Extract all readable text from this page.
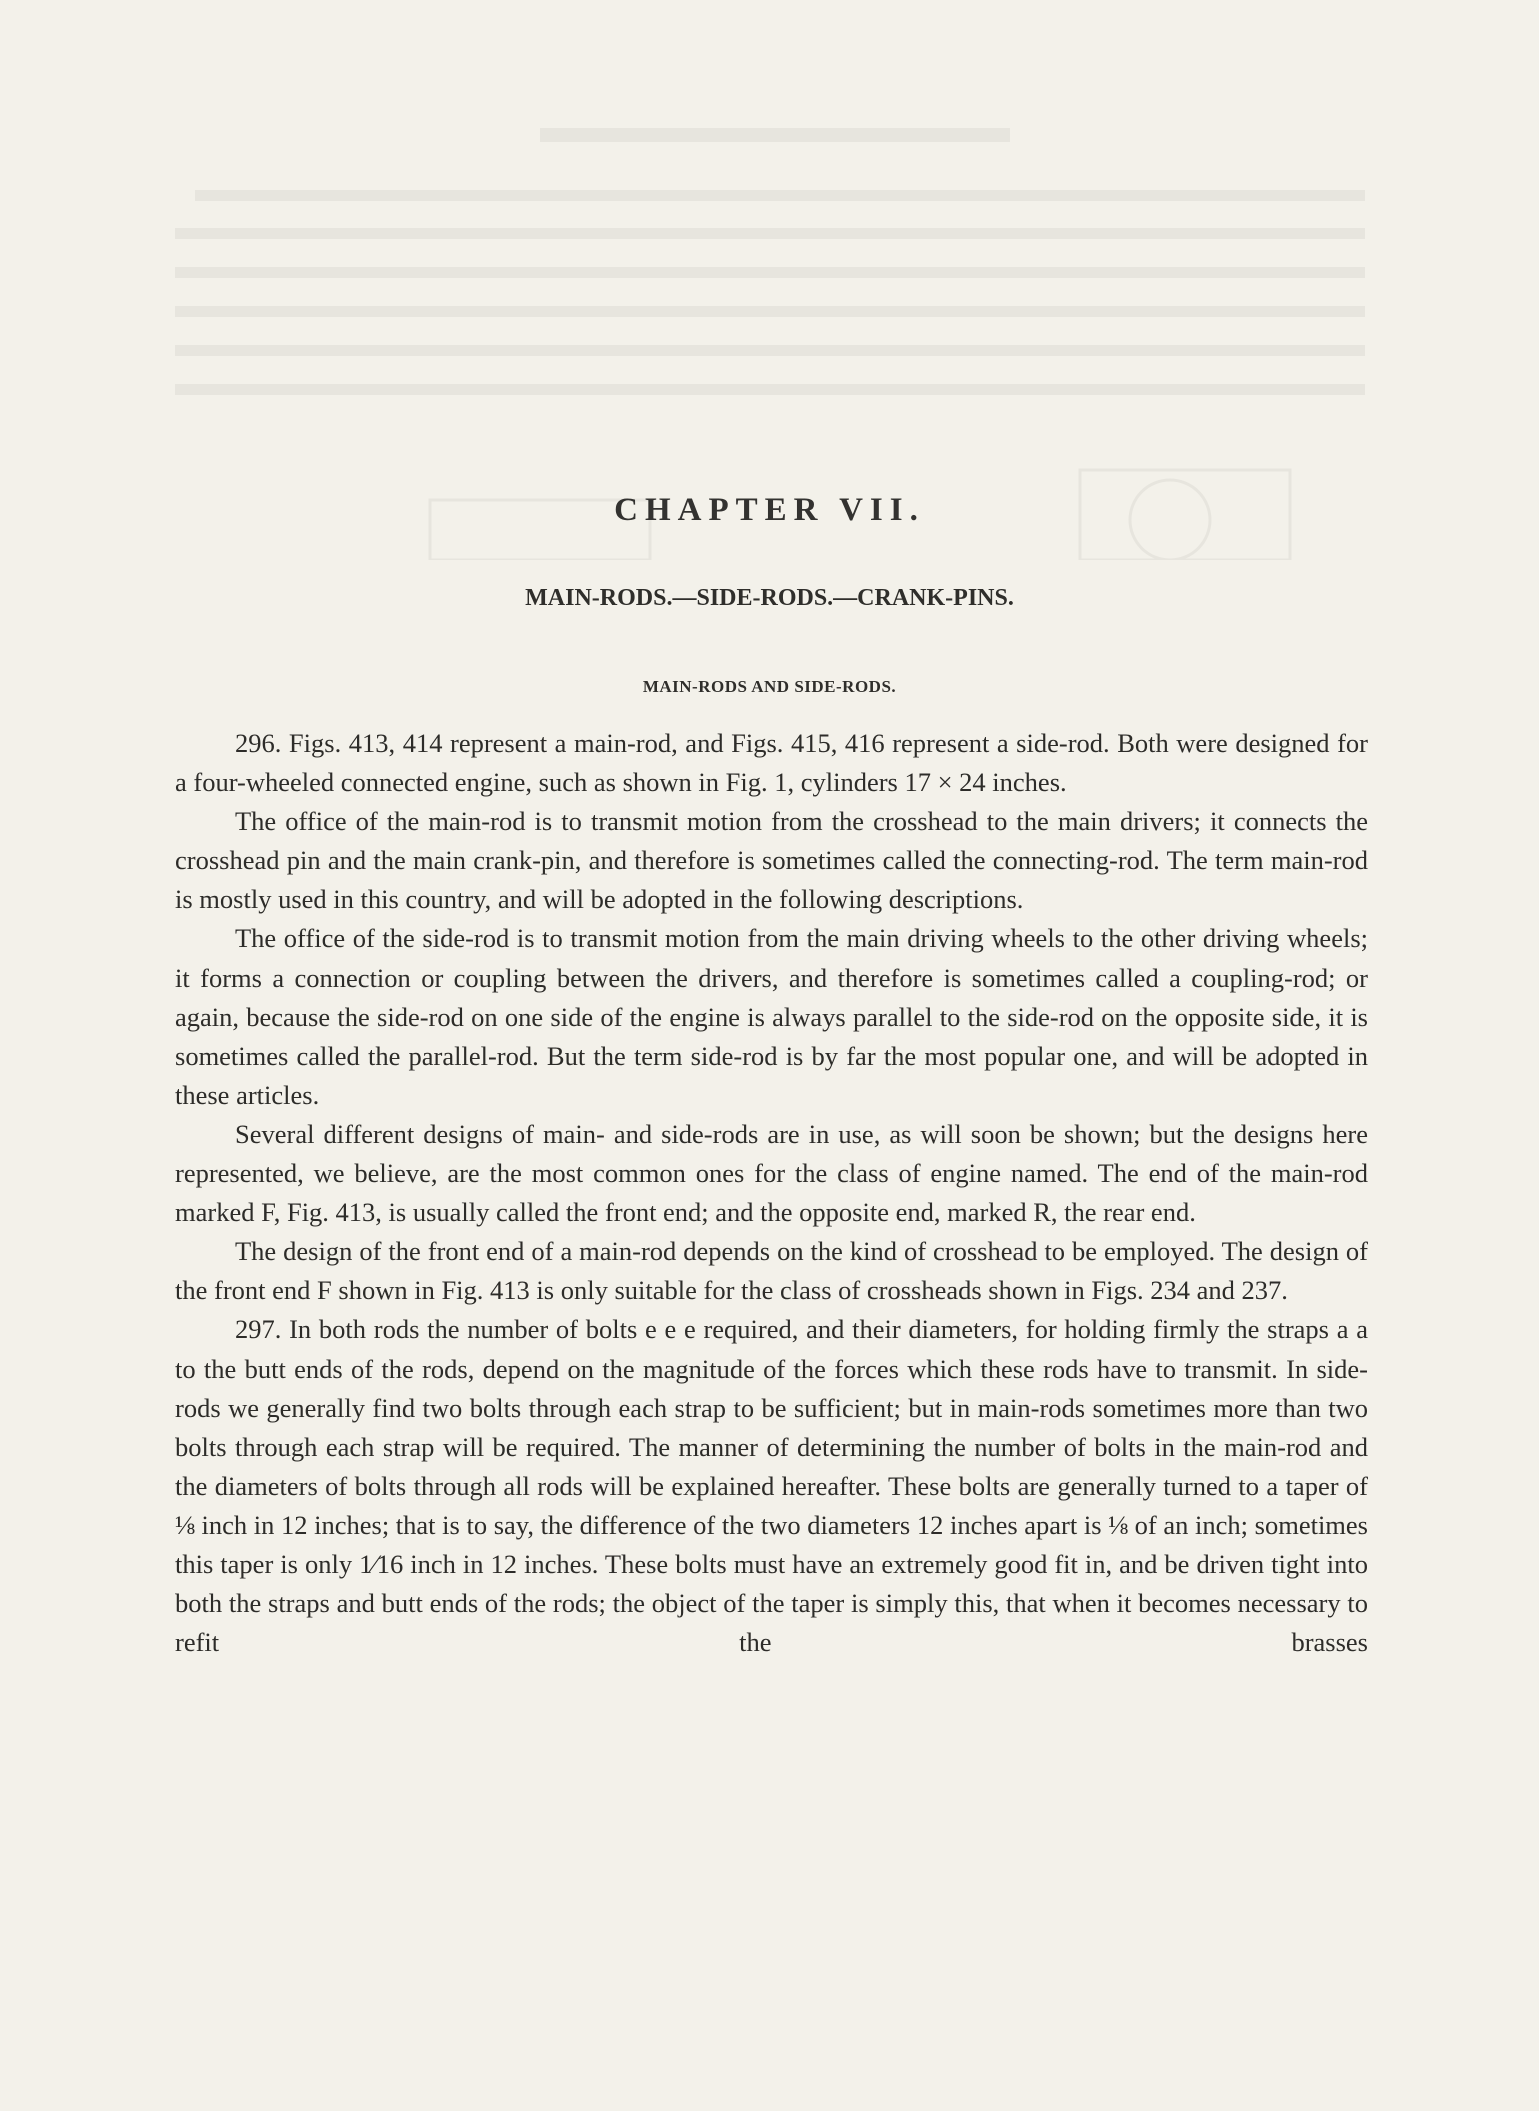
CHAPTER VII.
MAIN-RODS.—SIDE-RODS.—CRANK-PINS.
MAIN-RODS AND SIDE-RODS.

296. Figs. 413, 414 represent a main-rod, and Figs. 415, 416 represent a side-rod. Both were designed for a four-wheeled connected engine, such as shown in Fig. 1, cylinders 17 × 24 inches.

The office of the main-rod is to transmit motion from the crosshead to the main drivers; it connects the crosshead pin and the main crank-pin, and therefore is sometimes called the connecting-rod. The term main-rod is mostly used in this country, and will be adopted in the following descriptions.

The office of the side-rod is to transmit motion from the main driving wheels to the other driving wheels; it forms a connection or coupling between the drivers, and therefore is sometimes called a coupling-rod; or again, because the side-rod on one side of the engine is always parallel to the side-rod on the opposite side, it is sometimes called the parallel-rod. But the term side-rod is by far the most popular one, and will be adopted in these articles.

Several different designs of main- and side-rods are in use, as will soon be shown; but the designs here represented, we believe, are the most common ones for the class of engine named. The end of the main-rod marked F, Fig. 413, is usually called the front end; and the opposite end, marked R, the rear end.

The design of the front end of a main-rod depends on the kind of crosshead to be employed. The design of the front end F shown in Fig. 413 is only suitable for the class of crossheads shown in Figs. 234 and 237.

297. In both rods the number of bolts e e e required, and their diameters, for holding firmly the straps a a to the butt ends of the rods, depend on the magnitude of the forces which these rods have to transmit. In side-rods we generally find two bolts through each strap to be sufficient; but in main-rods sometimes more than two bolts through each strap will be required. The manner of determining the number of bolts in the main-rod and the diameters of bolts through all rods will be explained hereafter. These bolts are generally turned to a taper of ⅛ inch in 12 inches; that is to say, the difference of the two diameters 12 inches apart is ⅛ of an inch; sometimes this taper is only 1⁄16 inch in 12 inches. These bolts must have an extremely good fit in, and be driven tight into both the straps and butt ends of the rods; the object of the taper is simply this, that when it becomes necessary to refit the brasses
